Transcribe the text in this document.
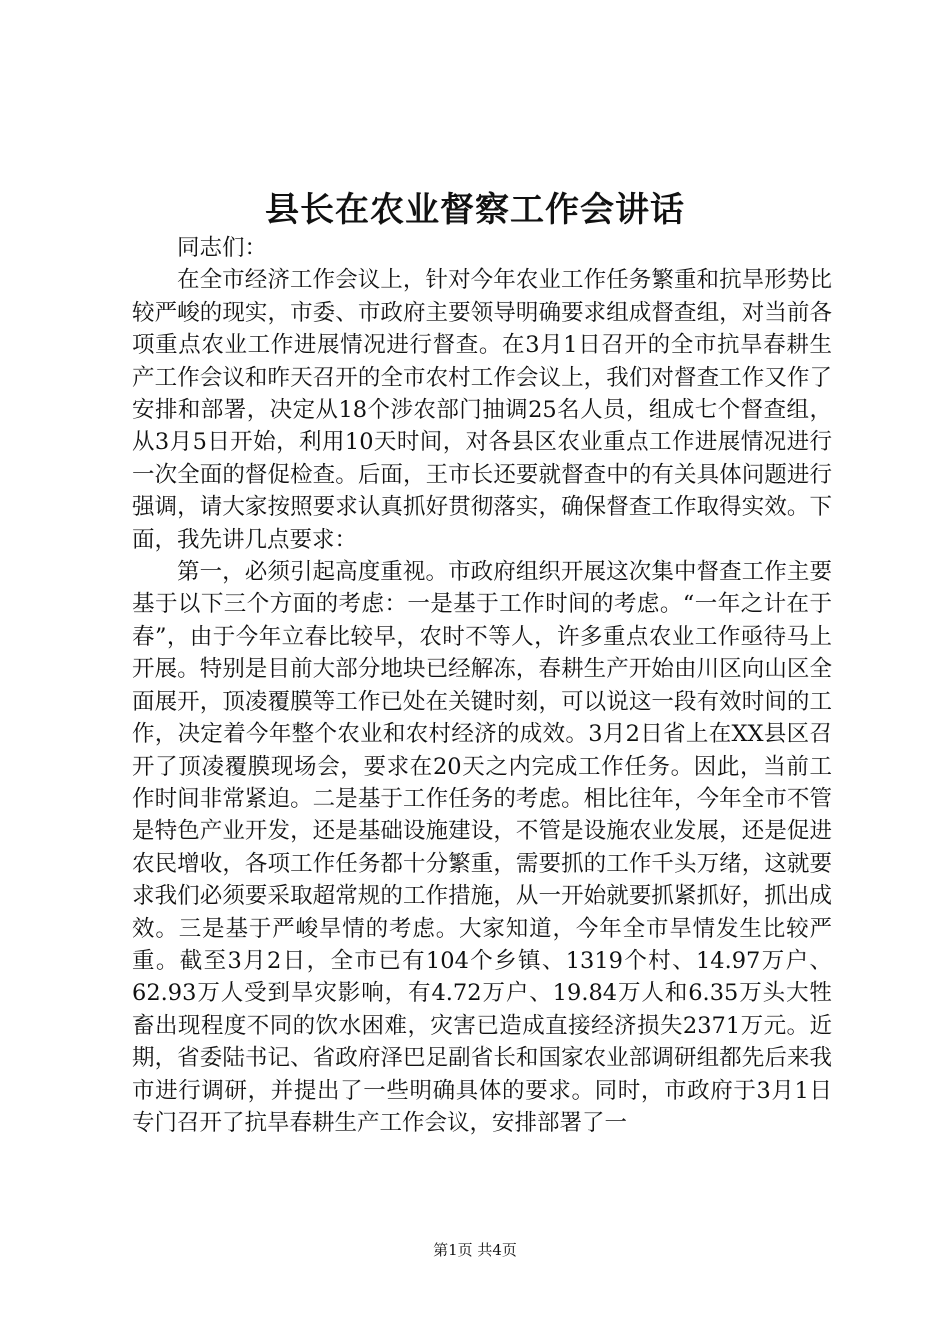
县长在农业督察工作会讲话

同志们：

在全市经济工作会议上，针对今年农业工作任务繁重和抗旱形势比较严峻的现实，市委、市政府主要领导明确要求组成督查组，对当前各项重点农业工作进展情况进行督查。在3月1日召开的全市抗旱春耕生产工作会议和昨天召开的全市农村工作会议上，我们对督查工作又作了安排和部署，决定从18个涉农部门抽调25名人员，组成七个督查组，从3月5日开始，利用10天时间，对各县区农业重点工作进展情况进行一次全面的督促检查。后面，王市长还要就督查中的有关具体问题进行强调，请大家按照要求认真抓好贯彻落实，确保督查工作取得实效。下面，我先讲几点要求：

第一，必须引起高度重视。市政府组织开展这次集中督查工作主要基于以下三个方面的考虑：一是基于工作时间的考虑。“一年之计在于春”，由于今年立春比较早，农时不等人，许多重点农业工作亟待马上开展。特别是目前大部分地块已经解冻，春耕生产开始由川区向山区全面展开，顶凌覆膜等工作已处在关键时刻，可以说这一段有效时间的工作，决定着今年整个农业和农村经济的成效。3月2日省上在XX县区召开了顶凌覆膜现场会，要求在20天之内完成工作任务。因此，当前工作时间非常紧迫。二是基于工作任务的考虑。相比往年，今年全市不管是特色产业开发，还是基础设施建设，不管是设施农业发展，还是促进农民增收，各项工作任务都十分繁重，需要抓的工作千头万绪，这就要求我们必须要采取超常规的工作措施，从一开始就要抓紧抓好，抓出成效。三是基于严峻旱情的考虑。大家知道，今年全市旱情发生比较严重。截至3月2日，全市已有104个乡镇、1319个村、14.97万户、62.93万人受到旱灾影响，有4.72万户、19.84万人和6.35万头大牲畜出现程度不同的饮水困难，灾害已造成直接经济损失2371万元。近期，省委陆书记、省政府泽巴足副省长和国家农业部调研组都先后来我市进行调研，并提出了一些明确具体的要求。同时，市政府于3月1日专门召开了抗旱春耕生产工作会议，安排部署了一

第1页 共4页
